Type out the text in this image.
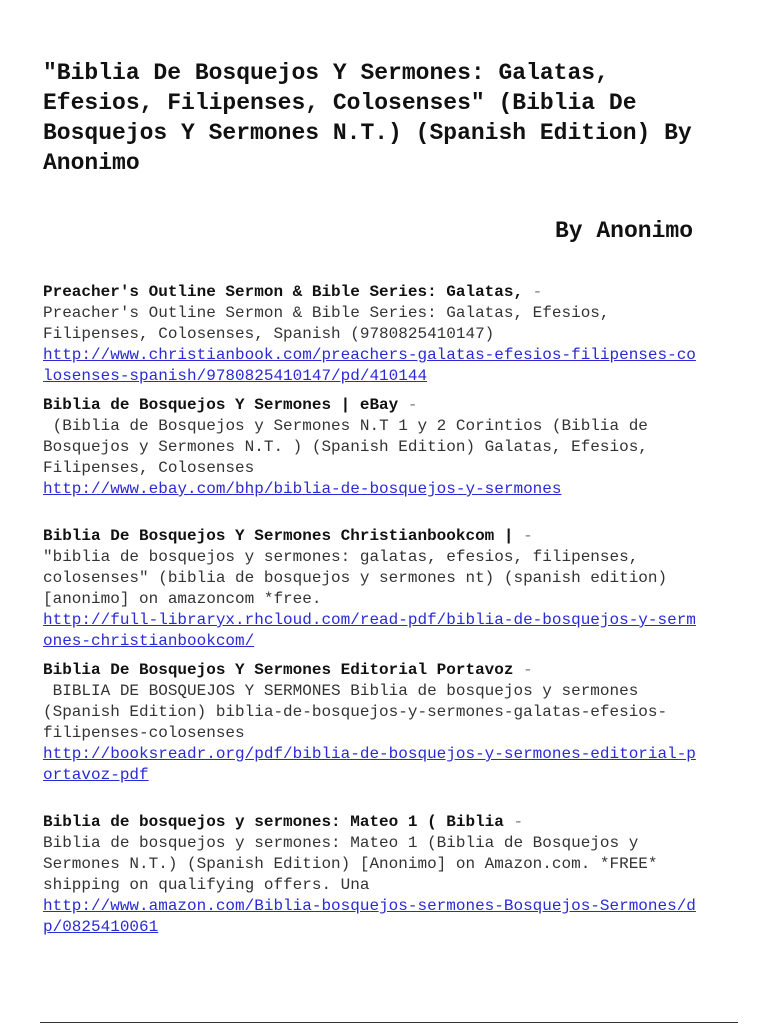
"Biblia De Bosquejos Y Sermones: Galatas, Efesios, Filipenses, Colosenses" (Biblia De Bosquejos Y Sermones N.T.) (Spanish Edition) By Anonimo
By Anonimo
Preacher's Outline Sermon & Bible Series: Galatas, -
Preacher's Outline Sermon & Bible Series: Galatas, Efesios, Filipenses, Colosenses, Spanish (9780825410147)
http://www.christianbook.com/preachers-galatas-efesios-filipenses-colosenses-spanish/9780825410147/pd/410144
Biblia de Bosquejos Y Sermones | eBay -
(Biblia de Bosquejos y Sermones N.T 1 y 2 Corintios (Biblia de Bosquejos y Sermones N.T. ) (Spanish Edition) Galatas, Efesios, Filipenses, Colosenses
http://www.ebay.com/bhp/biblia-de-bosquejos-y-sermones
Biblia De Bosquejos Y Sermones Christianbookcom | -
"biblia de bosquejos y sermones: galatas, efesios, filipenses, colosenses" (biblia de bosquejos y sermones nt) (spanish edition) [anonimo] on amazoncom *free.
http://full-libraryx.rhcloud.com/read-pdf/biblia-de-bosquejos-y-sermones-christianbookcom/
Biblia De Bosquejos Y Sermones Editorial Portavoz -
BIBLIA DE BOSQUEJOS Y SERMONES Biblia de bosquejos y sermones (Spanish Edition) biblia-de-bosquejos-y-sermones-galatas-efesios-filipenses-colosenses
http://booksreadr.org/pdf/biblia-de-bosquejos-y-sermones-editorial-portavoz-pdf
Biblia de bosquejos y sermones: Mateo 1 ( Biblia -
Biblia de bosquejos y sermones: Mateo 1 (Biblia de Bosquejos y Sermones N.T.) (Spanish Edition) [Anonimo] on Amazon.com. *FREE* shipping on qualifying offers. Una
http://www.amazon.com/Biblia-bosquejos-sermones-Bosquejos-Sermones/dp/0825410061
